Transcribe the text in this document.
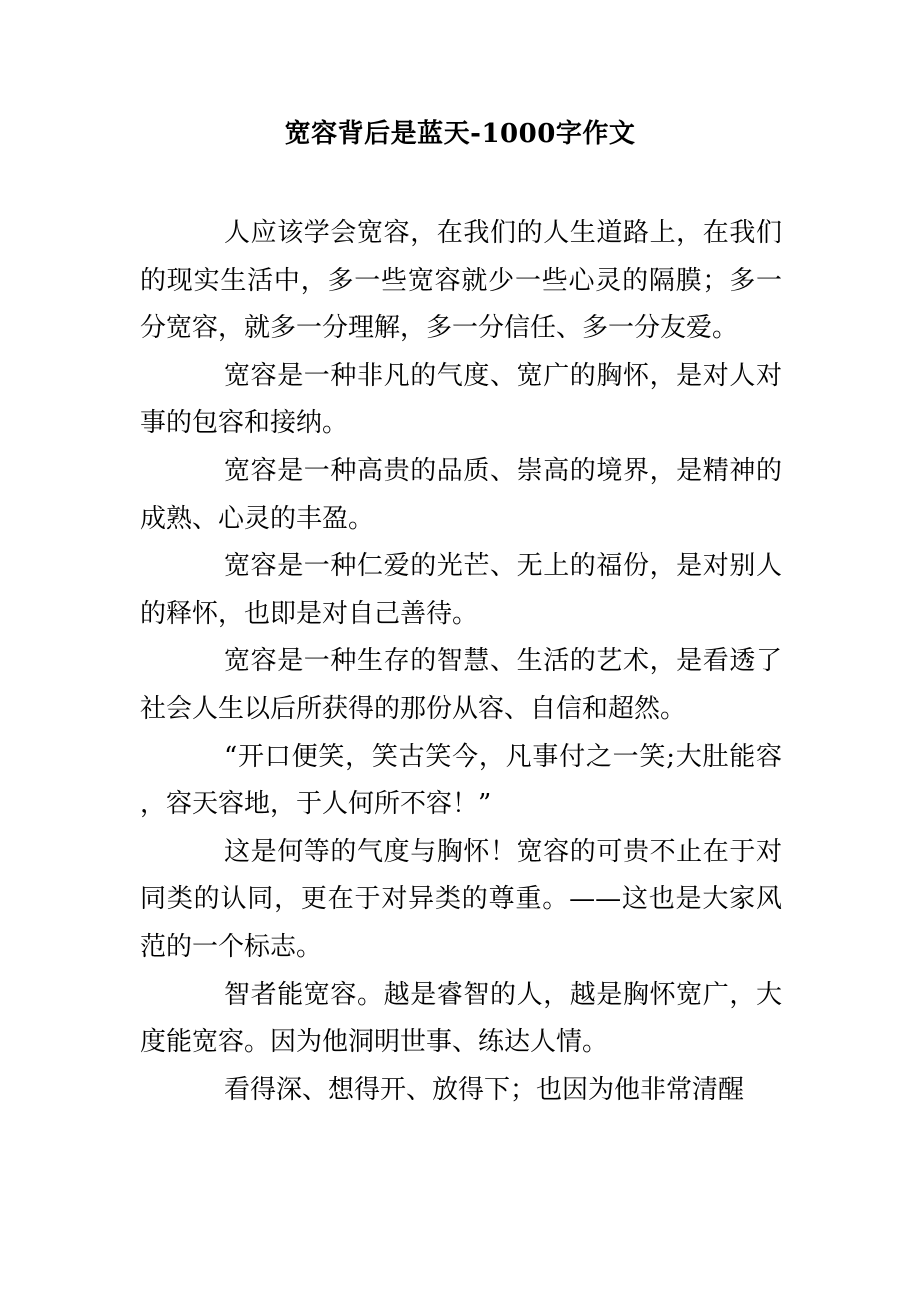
宽容背后是蓝天-1000字作文

人应该学会宽容，在我们的人生道路上，在我们的现实生活中，多一些宽容就少一些心灵的隔膜；多一分宽容，就多一分理解，多一分信任、多一分友爱。

宽容是一种非凡的气度、宽广的胸怀，是对人对事的包容和接纳。

宽容是一种高贵的品质、崇高的境界，是精神的成熟、心灵的丰盈。

宽容是一种仁爱的光芒、无上的福份，是对别人的释怀，也即是对自己善待。

宽容是一种生存的智慧、生活的艺术，是看透了社会人生以后所获得的那份从容、自信和超然。

“开口便笑，笑古笑今，凡事付之一笑;大肚能容，容天容地，于人何所不容！”

这是何等的气度与胸怀！宽容的可贵不止在于对同类的认同，更在于对异类的尊重。——这也是大家风范的一个标志。

智者能宽容。越是睿智的人，越是胸怀宽广，大度能宽容。因为他洞明世事、练达人情。

看得深、想得开、放得下；也因为他非常清醒
